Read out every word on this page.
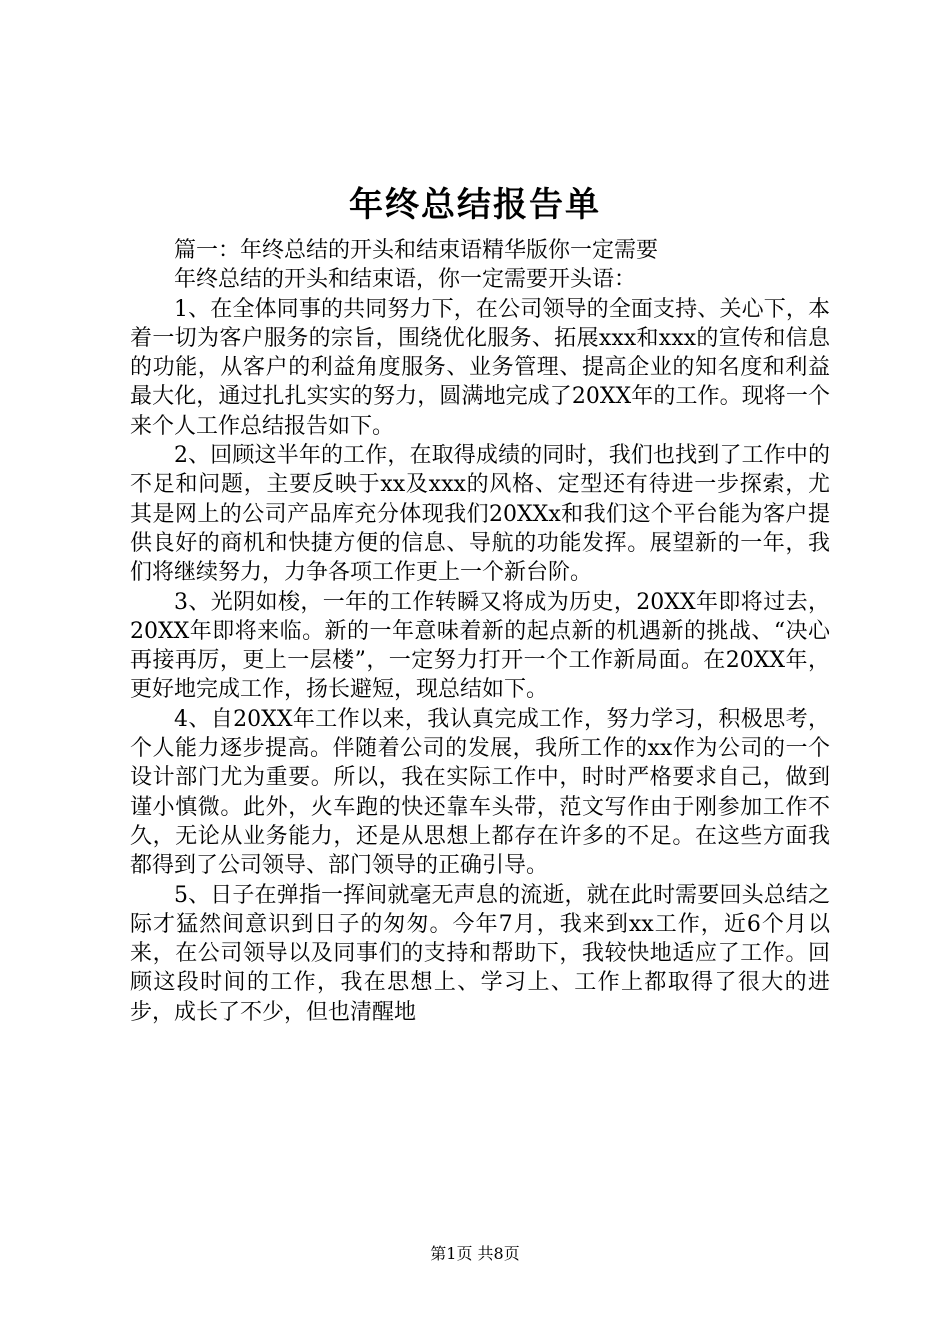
年终总结报告单

篇一：年终总结的开头和结束语精华版你一定需要

年终总结的开头和结束语，你一定需要开头语：

1、在全体同事的共同努力下，在公司领导的全面支持、关心下，本着一切为客户服务的宗旨，围绕优化服务、拓展xxx和xxx的宣传和信息的功能，从客户的利益角度服务、业务管理、提高企业的知名度和利益最大化，通过扎扎实实的努力，圆满地完成了20XX年的工作。现将一个来个人工作总结报告如下。

2、回顾这半年的工作，在取得成绩的同时，我们也找到了工作中的不足和问题，主要反映于xx及xxx的风格、定型还有待进一步探索，尤其是网上的公司产品库充分体现我们20XXx和我们这个平台能为客户提供良好的商机和快捷方便的信息、导航的功能发挥。展望新的一年，我们将继续努力，力争各项工作更上一个新台阶。

3、光阴如梭，一年的工作转瞬又将成为历史，20XX年即将过去，20XX年即将来临。新的一年意味着新的起点新的机遇新的挑战、“决心再接再厉，更上一层楼”，一定努力打开一个工作新局面。在20XX年，更好地完成工作，扬长避短，现总结如下。

4、自20XX年工作以来，我认真完成工作，努力学习，积极思考，个人能力逐步提高。伴随着公司的发展，我所工作的xx作为公司的一个设计部门尤为重要。所以，我在实际工作中，时时严格要求自己，做到谨小慎微。此外，火车跑的快还靠车头带，范文写作由于刚参加工作不久，无论从业务能力，还是从思想上都存在许多的不足。在这些方面我都得到了公司领导、部门领导的正确引导。

5、日子在弹指一挥间就毫无声息的流逝，就在此时需要回头总结之际才猛然间意识到日子的匆匆。今年7月，我来到xx工作，近6个月以来，在公司领导以及同事们的支持和帮助下，我较快地适应了工作。回顾这段时间的工作，我在思想上、学习上、工作上都取得了很大的进步，成长了不少，但也清醒地

第1页 共8页
